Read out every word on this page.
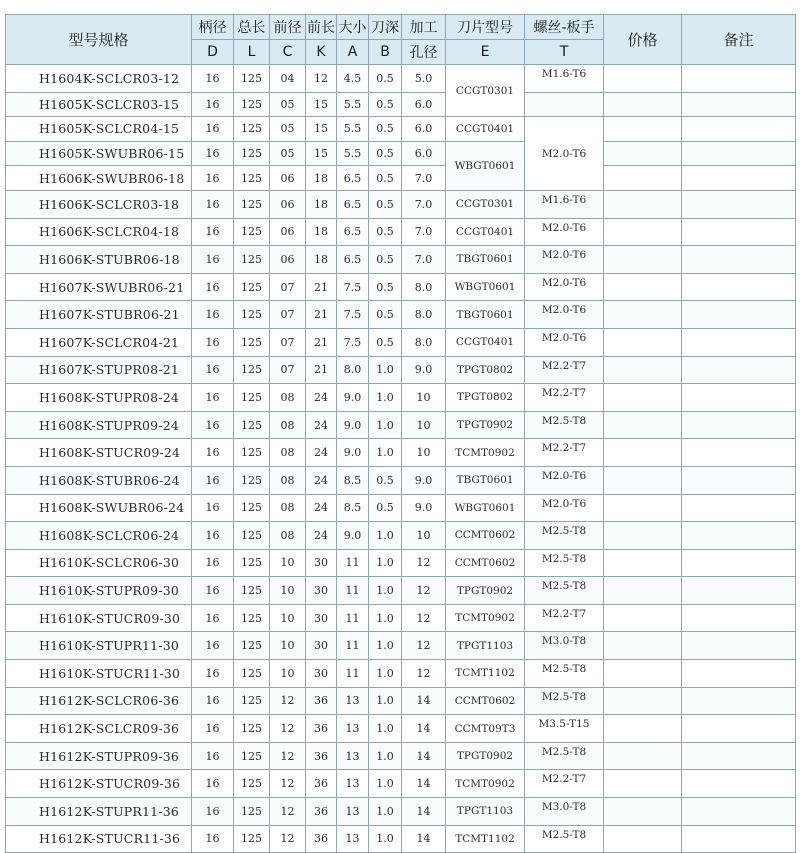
型号规格	柄径	总长	前径	前长	大小	刀深	加工	刀片型号	螺丝-板手	价格	备注
	D	L	C	K	A	B	孔径	E	T		
H1604K-SCLCR03-12	16	125	04	12	4.5	0.5	5.0	CCGT0301	M1.6-T6		
H1605K-SCLCR03-15	16	125	05	15	5.5	0.5	6.0				
H1605K-SCLCR04-15	16	125	05	15	5.5	0.5	6.0	CCGT0401	M2.0-T6		
H1605K-SWUBR06-15	16	125	05	15	5.5	0.5	6.0	WBGT0601			
H1606K-SWUBR06-18	16	125	06	18	6.5	0.5	7.0				
H1606K-SCLCR03-18	16	125	06	18	6.5	0.5	7.0	CCGT0301	M1.6-T6		
H1606K-SCLCR04-18	16	125	06	18	6.5	0.5	7.0	CCGT0401	M2.0-T6		
H1606K-STUBR06-18	16	125	06	18	6.5	0.5	7.0	TBGT0601	M2.0-T6		
H1607K-SWUBR06-21	16	125	07	21	7.5	0.5	8.0	WBGT0601	M2.0-T6		
H1607K-STUBR06-21	16	125	07	21	7.5	0.5	8.0	TBGT0601	M2.0-T6		
H1607K-SCLCR04-21	16	125	07	21	7.5	0.5	8.0	CCGT0401	M2.0-T6		
H1607K-STUPR08-21	16	125	07	21	8.0	1.0	9.0	TPGT0802	M2.2-T7		
H1608K-STUPR08-24	16	125	08	24	9.0	1.0	10	TPGT0802	M2.2-T7		
H1608K-STUPR09-24	16	125	08	24	9.0	1.0	10	TPGT0902	M2.5-T8		
H1608K-STUCR09-24	16	125	08	24	9.0	1.0	10	TCMT0902	M2.2-T7		
H1608K-STUBR06-24	16	125	08	24	8.5	0.5	9.0	TBGT0601	M2.0-T6		
H1608K-SWUBR06-24	16	125	08	24	8.5	0.5	9.0	WBGT0601	M2.0-T6		
H1608K-SCLCR06-24	16	125	08	24	9.0	1.0	10	CCMT0602	M2.5-T8		
H1610K-SCLCR06-30	16	125	10	30	11	1.0	12	CCMT0602	M2.5-T8		
H1610K-STUPR09-30	16	125	10	30	11	1.0	12	TPGT0902	M2.5-T8		
H1610K-STUCR09-30	16	125	10	30	11	1.0	12	TCMT0902	M2.2-T7		
H1610K-STUPR11-30	16	125	10	30	11	1.0	12	TPGT1103	M3.0-T8		
H1610K-STUCR11-30	16	125	10	30	11	1.0	12	TCMT1102	M2.5-T8		
H1612K-SCLCR06-36	16	125	12	36	13	1.0	14	CCMT0602	M2.5-T8		
H1612K-SCLCR09-36	16	125	12	36	13	1.0	14	CCMT09T3	M3.5-T15		
H1612K-STUPR09-36	16	125	12	36	13	1.0	14	TPGT0902	M2.5-T8		
H1612K-STUCR09-36	16	125	12	36	13	1.0	14	TCMT0902	M2.2-T7		
H1612K-STUPR11-36	16	125	12	36	13	1.0	14	TPGT1103	M3.0-T8		
H1612K-STUCR11-36	16	125	12	36	13	1.0	14	TCMT1102	M2.5-T8		
